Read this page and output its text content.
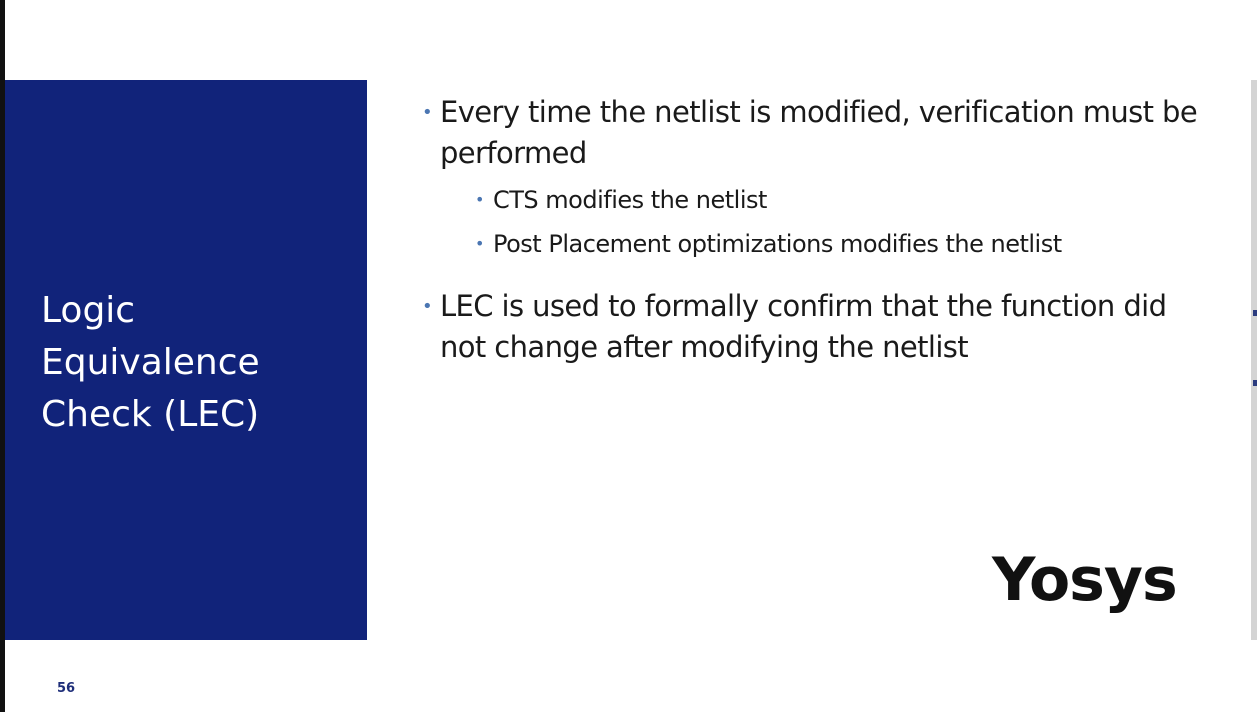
Logic
Equivalence
Check (LEC)
• Every time the netlist is modified, verification must be performed
• CTS modifies the netlist
• Post Placement optimizations modifies the netlist
• LEC is used to formally confirm that the function did not change after modifying the netlist
Yosys
56
